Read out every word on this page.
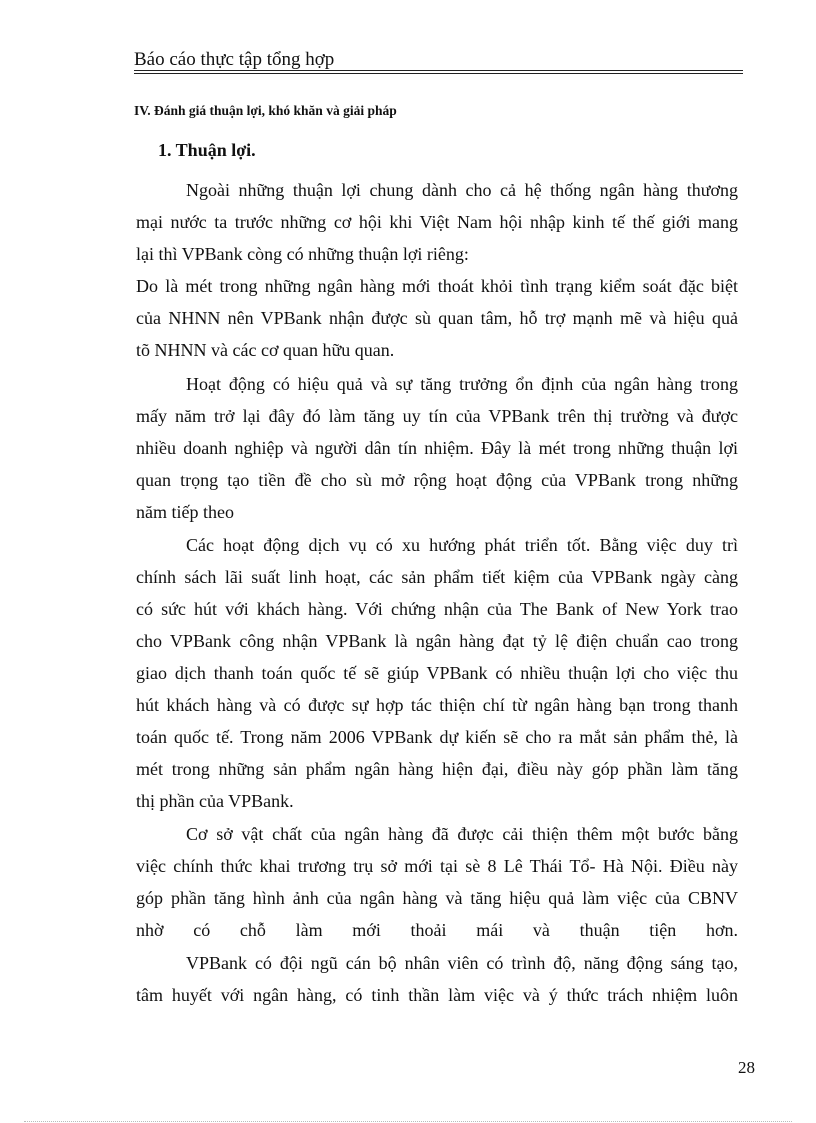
Báo cáo thực tập tổng hợp
IV. Đánh giá thuận lợi, khó khăn và giải pháp
1. Thuận lợi.
Ngoài những thuận lợi chung dành cho cả hệ thống ngân hàng thương
mại nước ta trước những cơ hội khi Việt Nam hội nhập kinh tế thế giới mang
lại thì VPBank còng có những thuận lợi riêng:
Do là mét trong những ngân hàng mới thoát khỏi tình trạng kiểm soát đặc biệt
của NHNN nên VPBank nhận được sù quan tâm, hỗ trợ mạnh mẽ và hiệu quả
tõ NHNN và các cơ quan hữu quan.
Hoạt động có hiệu quả và sự tăng trưởng ổn định của ngân hàng trong
mấy năm trở lại đây đó làm tăng uy tín của VPBank trên thị trường và được
nhiều doanh nghiệp và người dân tín nhiệm. Đây là mét trong những thuận lợi
quan trọng tạo tiền đề cho sù mở rộng hoạt động của VPBank trong những
năm tiếp theo
Các hoạt động dịch vụ có xu hướng phát triển tốt. Bằng việc duy trì
chính sách lãi suất linh hoạt, các sản phẩm tiết kiệm của VPBank ngày càng
có sức hút với khách hàng. Với chứng nhận của The Bank of New York trao
cho VPBank công nhận VPBank là ngân hàng đạt tỷ lệ điện chuẩn cao trong
giao dịch thanh toán quốc tế sẽ giúp VPBank có nhiều thuận lợi cho việc thu
hút khách hàng và có được sự hợp tác thiện chí từ ngân hàng bạn trong thanh
toán quốc tế. Trong năm 2006 VPBank dự kiến sẽ cho ra mắt sản phẩm thẻ, là
mét trong những sản phẩm ngân hàng hiện đại, điều này góp phần làm tăng
thị phần của VPBank.
Cơ sở vật chất của ngân hàng đã được cải thiện thêm một bước bằng
việc chính thức khai trương trụ sở mới tại sè 8 Lê Thái Tổ- Hà Nội. Điều này
góp phần tăng hình ảnh của ngân hàng và tăng hiệu quả làm việc của CBNV
nhờ có chỗ làm mới thoải mái và thuận tiện hơn.
VPBank có đội ngũ cán bộ nhân viên có trình độ, năng động sáng tạo,
tâm huyết với ngân hàng, có tinh thần làm việc và ý thức trách nhiệm luôn
28
